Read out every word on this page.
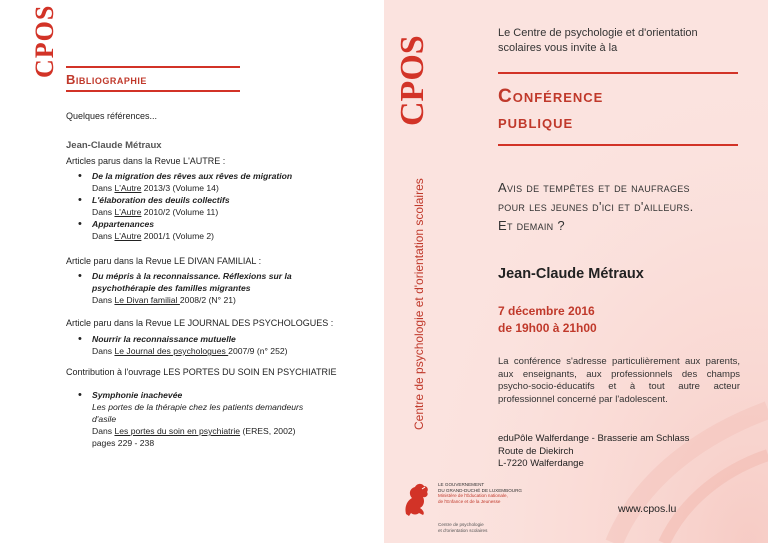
CPOS
Bibliographie
Quelques références...
Jean-Claude Métraux
Articles parus dans la Revue L'AUTRE :
• De la migration des rêves aux rêves de migration
Dans L'Autre 2013/3 (Volume 14)
• L'élaboration des deuils collectifs
Dans L'Autre 2010/2 (Volume 11)
• Appartenances
Dans L'Autre 2001/1 (Volume 2)
Article paru dans la Revue LE DIVAN FAMILIAL :
• Du mépris à la reconnaissance. Réflexions sur la psychothérapie des familles migrantes
Dans Le Divan familial 2008/2 (N° 21)
Article paru dans la Revue LE JOURNAL DES PSYCHOLOGUES :
• Nourrir la reconnaissance mutuelle
Dans Le Journal des psychologues 2007/9 (n° 252)
Contribution à l'ouvrage LES PORTES DU SOIN EN PSYCHIATRIE
• Symphonie inachevée
Les portes de la thérapie chez les patients demandeurs d'asile
Dans Les portes du soin en psychiatrie (ERES, 2002)
pages 229 - 238
CPOS
Centre de psychologie et d'orientation scolaires
Le Centre de psychologie et d'orientation scolaires vous invite à la
Conférence
publique
Avis de tempêtes et de naufrages
pour les jeunes d'ici et d'ailleurs.
Et demain ?
Jean-Claude Métraux
7 décembre 2016
de 19h00 à 21h00
La conférence s'adresse particulièrement aux parents, aux enseignants, aux professionnels des champs psycho-socio-éducatifs et à tout autre acteur professionnel concerné par l'adolescent.
eduPôle Walferdange - Brasserie am Schlass
Route de Diekirch
L-7220 Walferdange
LE GOUVERNEMENT
DU GRAND-DUCHÉ DE LUXEMBOURG
Ministère de l'Éducation nationale,
de l'Enfance et de la Jeunesse
Centre de psychologie
et d'orientation scolaires
www.cpos.lu
